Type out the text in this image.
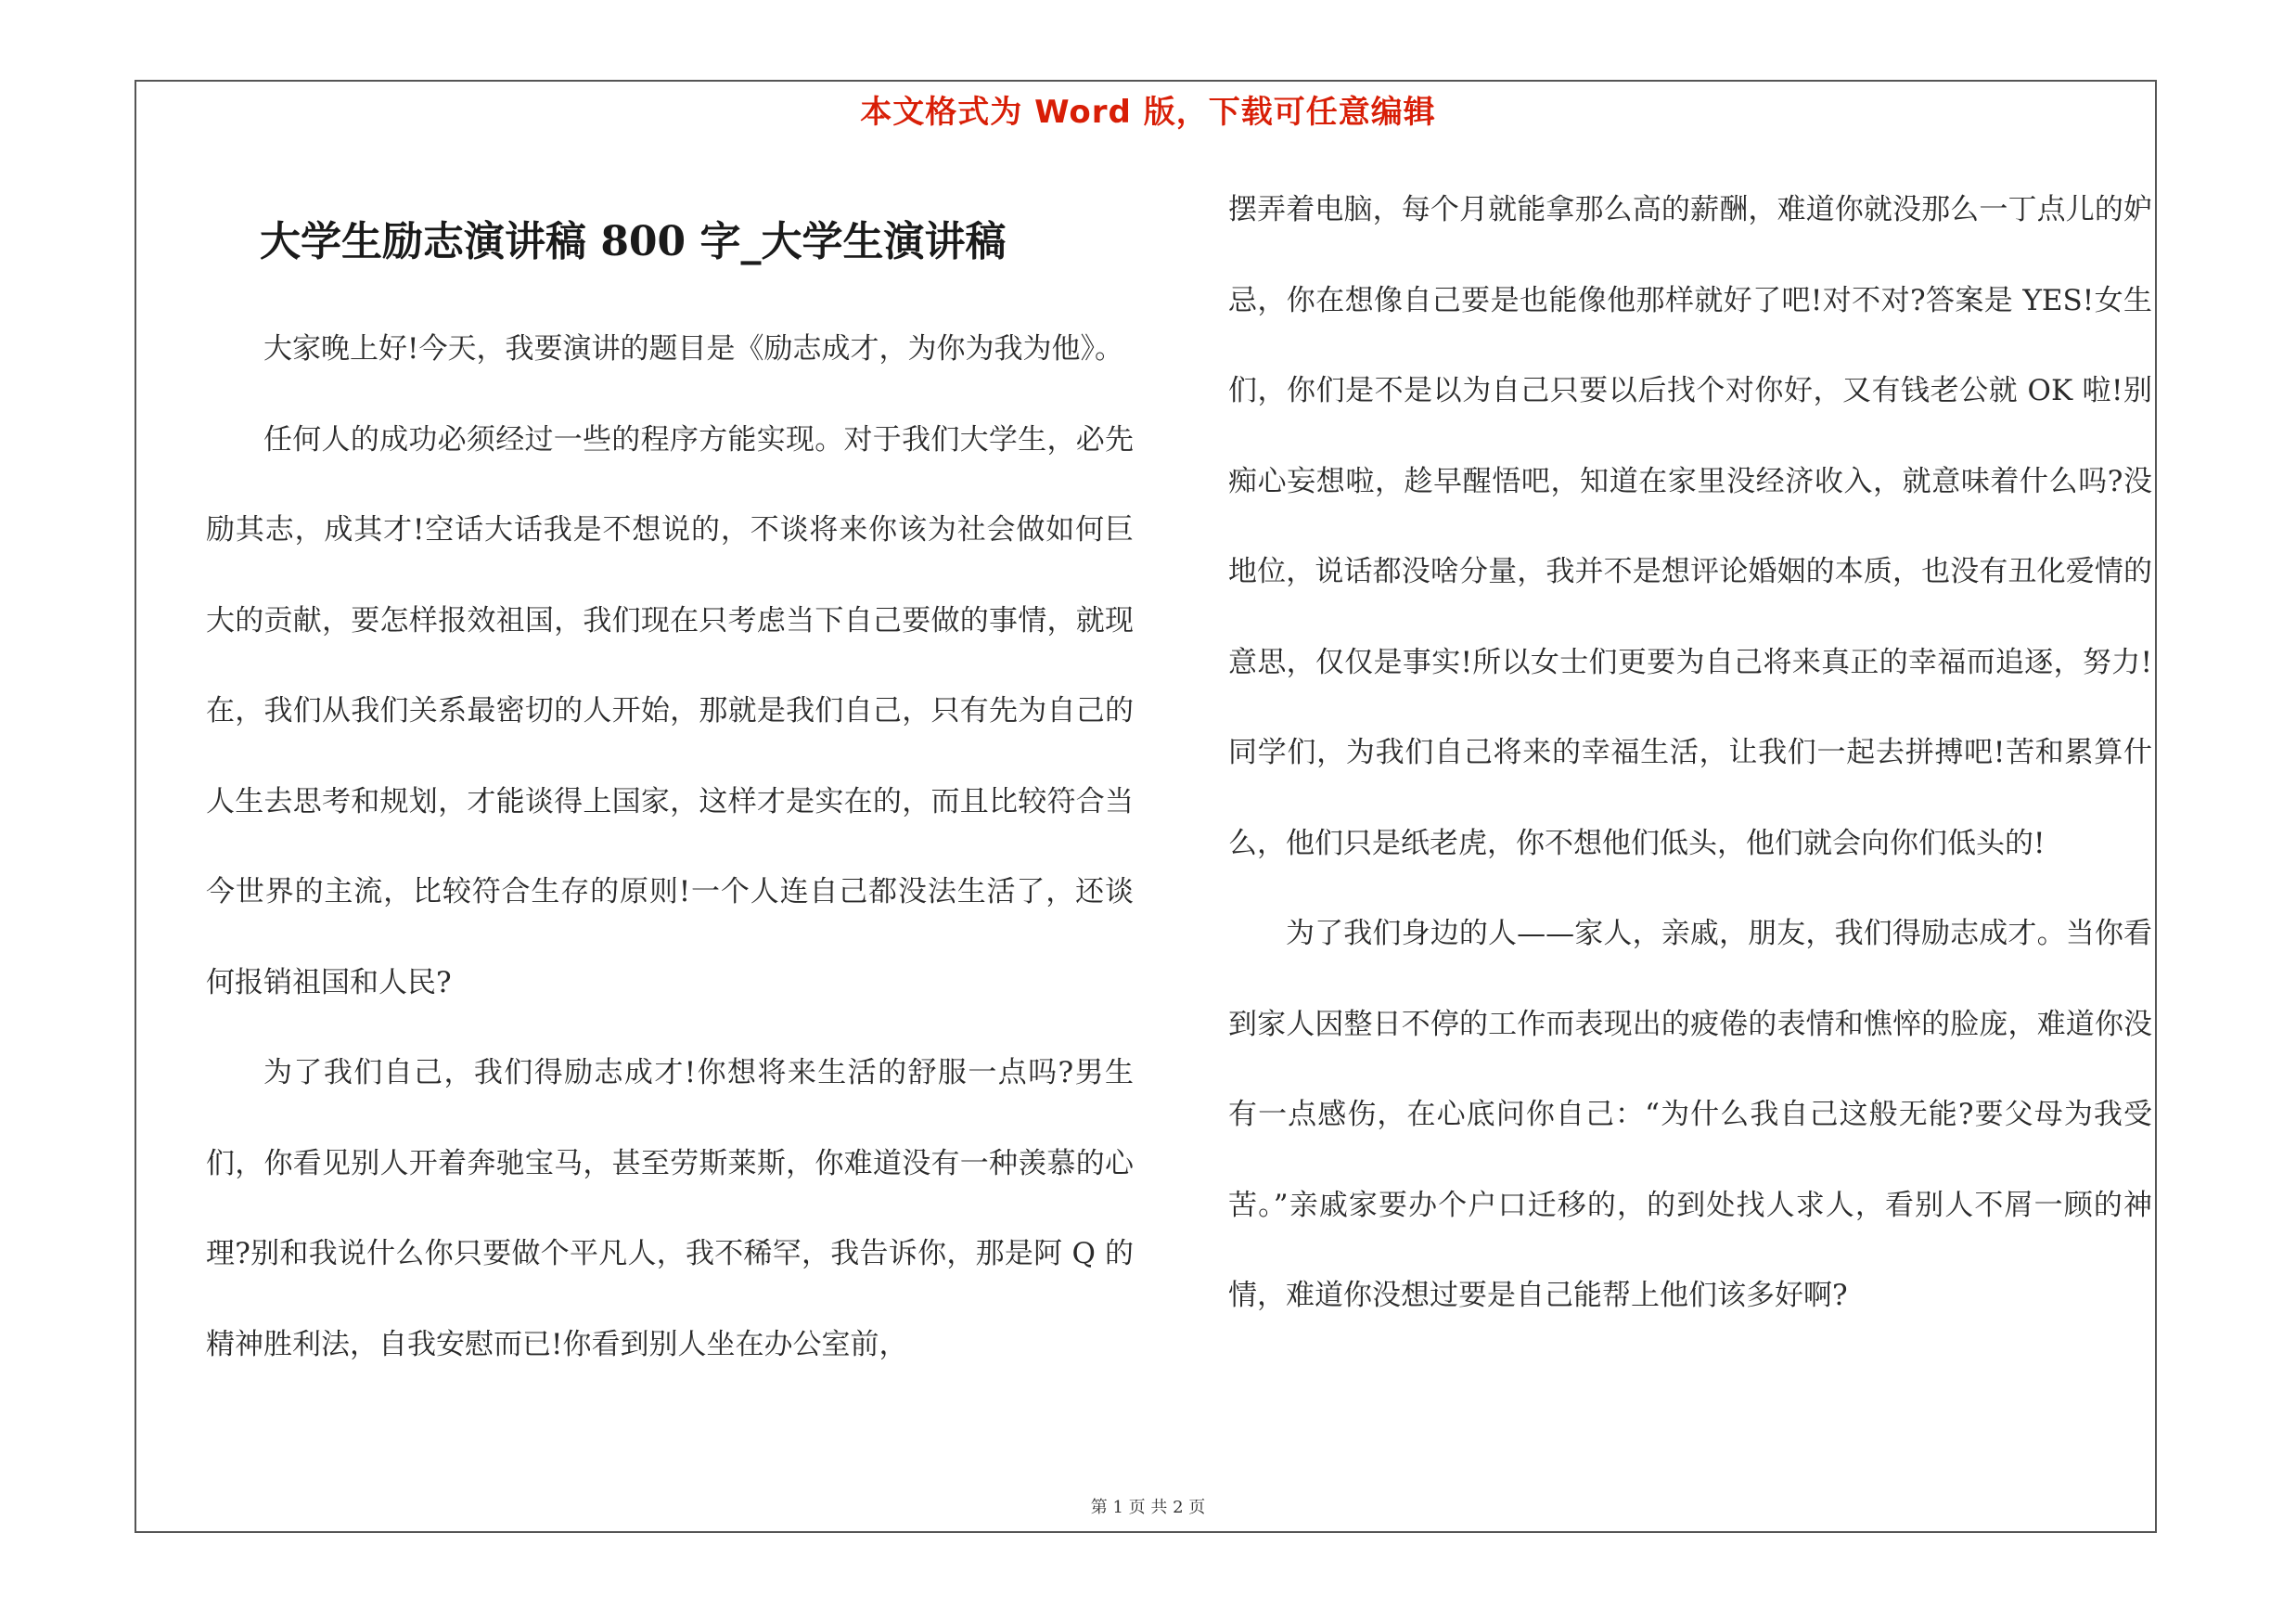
本文格式为 Word 版，下载可任意编辑
大学生励志演讲稿 800 字_大学生演讲稿

大家晚上好!今天，我要演讲的题目是《励志成才，为你为我为他》。

任何人的成功必须经过一些的程序方能实现。对于我们大学生，必先励其志，成其才!空话大话我是不想说的，不谈将来你该为社会做如何巨大的贡献，要怎样报效祖国，我们现在只考虑当下自己要做的事情，就现在，我们从我们关系最密切的人开始，那就是我们自己，只有先为自己的人生去思考和规划，才能谈得上国家，这样才是实在的，而且比较符合当今世界的主流，比较符合生存的原则!一个人连自己都没法生活了，还谈何报销祖国和人民?

为了我们自己，我们得励志成才!你想将来生活的舒服一点吗?男生们，你看见别人开着奔驰宝马，甚至劳斯莱斯，你难道没有一种羡慕的心理?别和我说什么你只要做个平凡人，我不稀罕，我告诉你，那是阿 Q 的精神胜利法，自我安慰而已!你看到别人坐在办公室前，

摆弄着电脑，每个月就能拿那么高的薪酬，难道你就没那么一丁点儿的妒忌，你在想像自己要是也能像他那样就好了吧!对不对?答案是 YES!女生们，你们是不是以为自己只要以后找个对你好，又有钱老公就 OK 啦!别痴心妄想啦，趁早醒悟吧，知道在家里没经济收入，就意味着什么吗?没地位，说话都没啥分量，我并不是想评论婚姻的本质，也没有丑化爱情的意思，仅仅是事实!所以女士们更要为自己将来真正的幸福而追逐，努力!同学们，为我们自己将来的幸福生活，让我们一起去拼搏吧!苦和累算什么，他们只是纸老虎，你不想他们低头，他们就会向你们低头的!

为了我们身边的人——家人，亲戚，朋友，我们得励志成才。当你看到家人因整日不停的工作而表现出的疲倦的表情和憔悴的脸庞，难道你没有一点感伤，在心底问你自己：“为什么我自己这般无能?要父母为我受苦。”亲戚家要办个户口迁移的，的到处找人求人，看别人不屑一顾的神情，难道你没想过要是自己能帮上他们该多好啊?

第 1 页 共 2 页
